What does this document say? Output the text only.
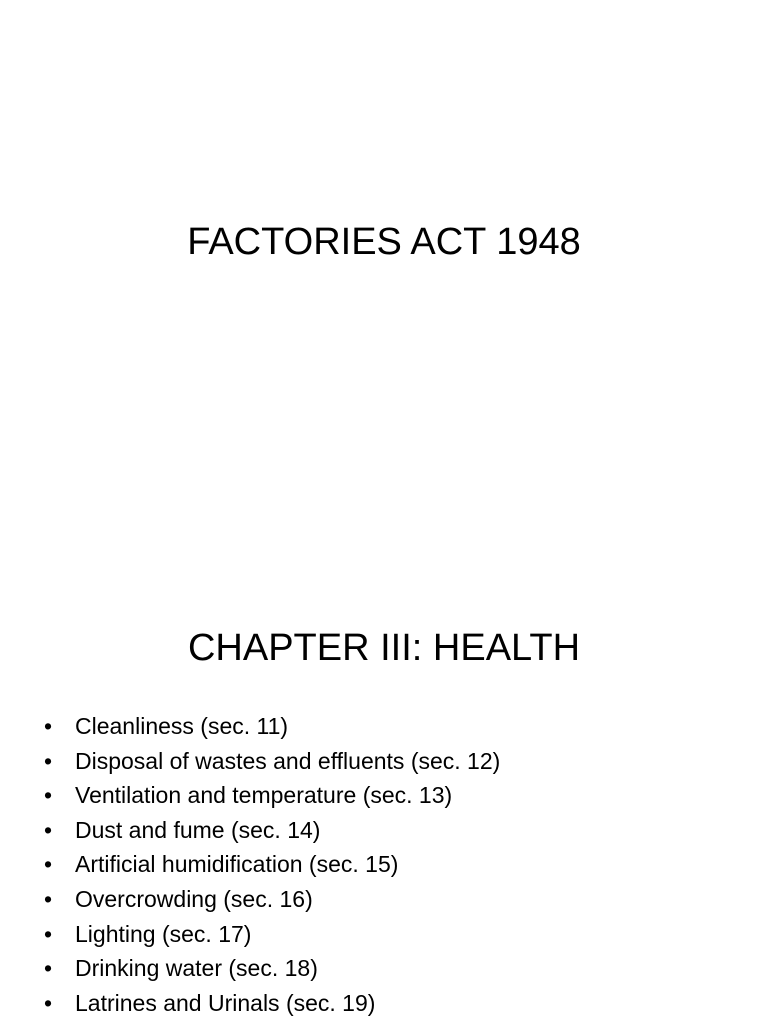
FACTORIES ACT 1948
CHAPTER III: HEALTH
• Cleanliness (sec. 11)
• Disposal of wastes and effluents (sec. 12)
• Ventilation and temperature (sec. 13)
• Dust and fume (sec. 14)
• Artificial humidification (sec. 15)
• Overcrowding (sec. 16)
• Lighting (sec. 17)
• Drinking water (sec. 18)
• Latrines and Urinals (sec. 19)
